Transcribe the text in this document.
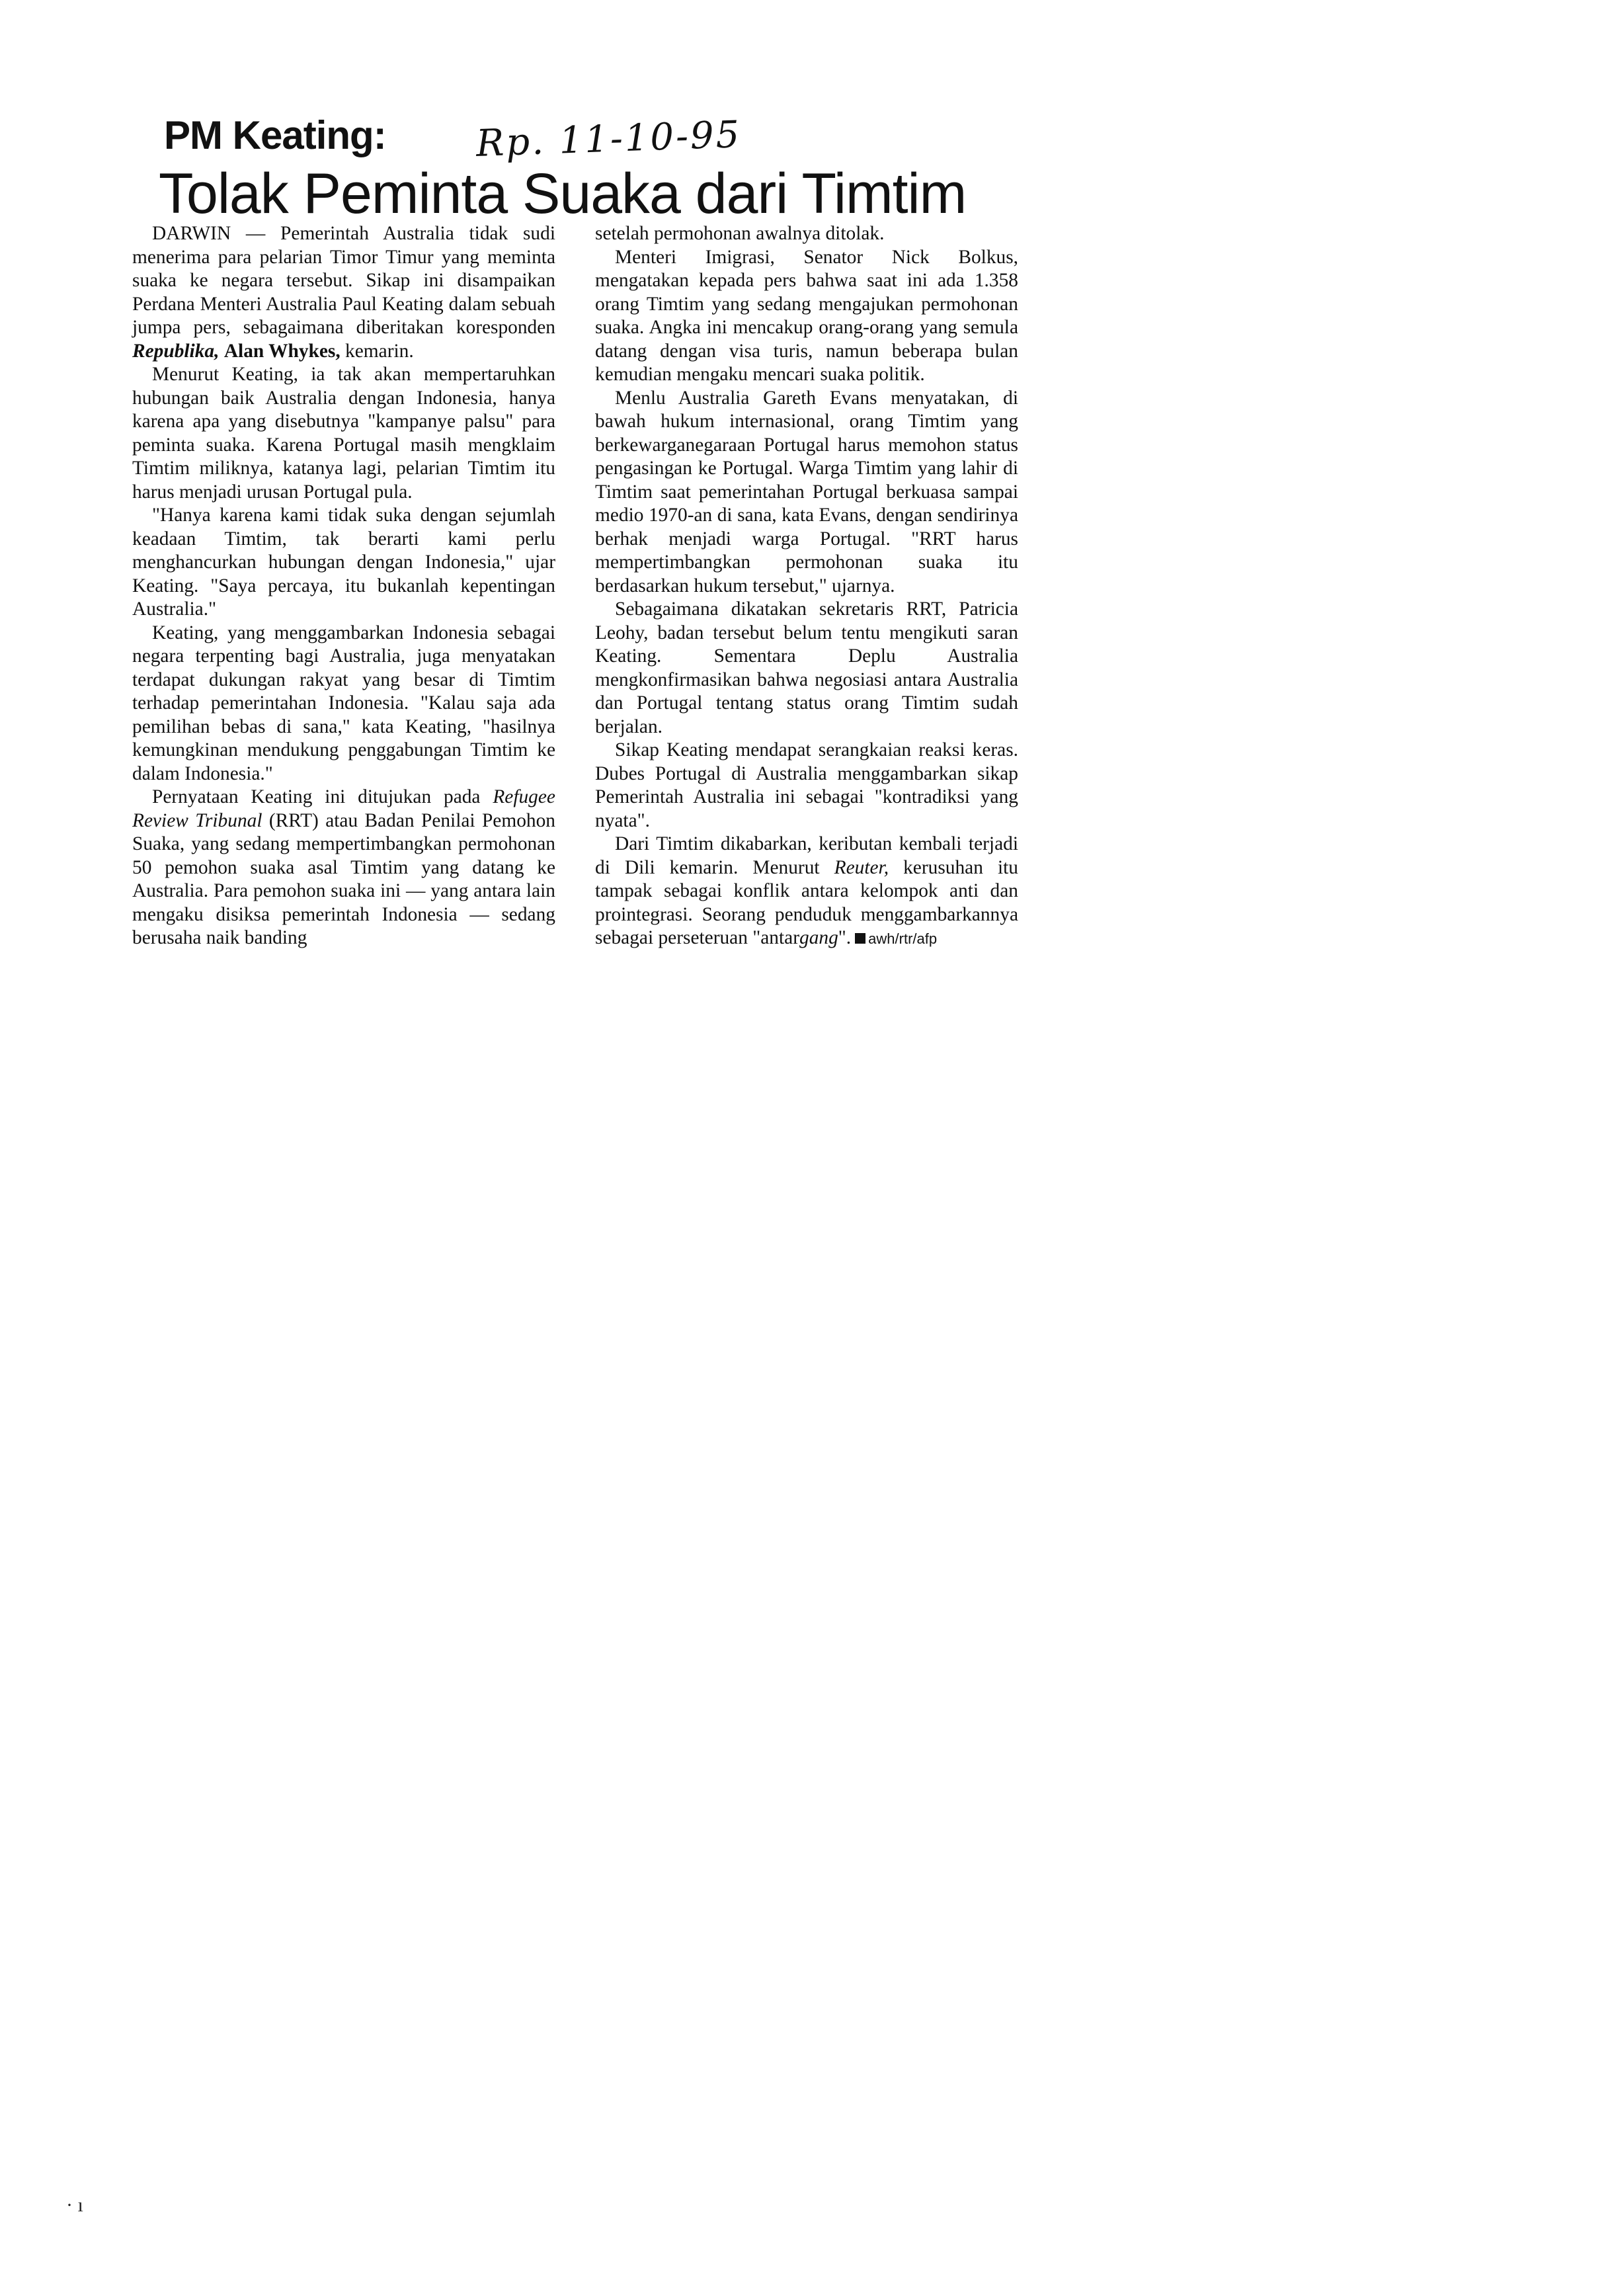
PM Keating: Rp. 11-10-95
Tolak Peminta Suaka dari Timtim

DARWIN — Pemerintah Australia tidak sudi menerima para pelarian Timor Timur yang meminta suaka ke negara tersebut. Sikap ini disampaikan Perdana Menteri Australia Paul Keating dalam sebuah jumpa pers, sebagaimana diberitakan koresponden Republika, Alan Whykes, kemarin.

Menurut Keating, ia tak akan mempertaruhkan hubungan baik Australia dengan Indonesia, hanya karena apa yang disebutnya "kampanye palsu" para peminta suaka. Karena Portugal masih mengklaim Timtim miliknya, katanya lagi, pelarian Timtim itu harus menjadi urusan Portugal pula.

"Hanya karena kami tidak suka dengan sejumlah keadaan Timtim, tak berarti kami perlu menghancurkan hubungan dengan Indonesia," ujar Keating. "Saya percaya, itu bukanlah kepentingan Australia."

Keating, yang menggambarkan Indonesia sebagai negara terpenting bagi Australia, juga menyatakan terdapat dukungan rakyat yang besar di Timtim terhadap pemerintahan Indonesia. "Kalau saja ada pemilihan bebas di sana," kata Keating, "hasilnya kemungkinan mendukung penggabungan Timtim ke dalam Indonesia."

Pernyataan Keating ini ditujukan pada Refugee Review Tribunal (RRT) atau Badan Penilai Pemohon Suaka, yang sedang mempertimbangkan permohonan 50 pemohon suaka asal Timtim yang datang ke Australia. Para pemohon suaka ini — yang antara lain mengaku disiksa pemerintah Indonesia — sedang berusaha naik banding

setelah permohonan awalnya ditolak.

Menteri Imigrasi, Senator Nick Bolkus, mengatakan kepada pers bahwa saat ini ada 1.358 orang Timtim yang sedang mengajukan permohonan suaka. Angka ini mencakup orang-orang yang semula datang dengan visa turis, namun beberapa bulan kemudian mengaku mencari suaka politik.

Menlu Australia Gareth Evans menyatakan, di bawah hukum internasional, orang Timtim yang berkewarganegaraan Portugal harus memohon status pengasingan ke Portugal. Warga Timtim yang lahir di Timtim saat pemerintahan Portugal berkuasa sampai medio 1970-an di sana, kata Evans, dengan sendirinya berhak menjadi warga Portugal. "RRT harus mempertimbangkan permohonan suaka itu berdasarkan hukum tersebut," ujarnya.

Sebagaimana dikatakan sekretaris RRT, Patricia Leohy, badan tersebut belum tentu mengikuti saran Keating. Sementara Deplu Australia mengkonfirmasikan bahwa negosiasi antara Australia dan Portugal tentang status orang Timtim sudah berjalan.

Sikap Keating mendapat serangkaian reaksi keras. Dubes Portugal di Australia menggambarkan sikap Pemerintah Australia ini sebagai "kontradiksi yang nyata".

Dari Timtim dikabarkan, keributan kembali terjadi di Dili kemarin. Menurut Reuter, kerusuhan itu tampak sebagai konflik antara kelompok anti dan prointegrasi. Seorang penduduk menggambarkannya sebagai perseteruan "antargang". awh/rtr/afp

· ı
